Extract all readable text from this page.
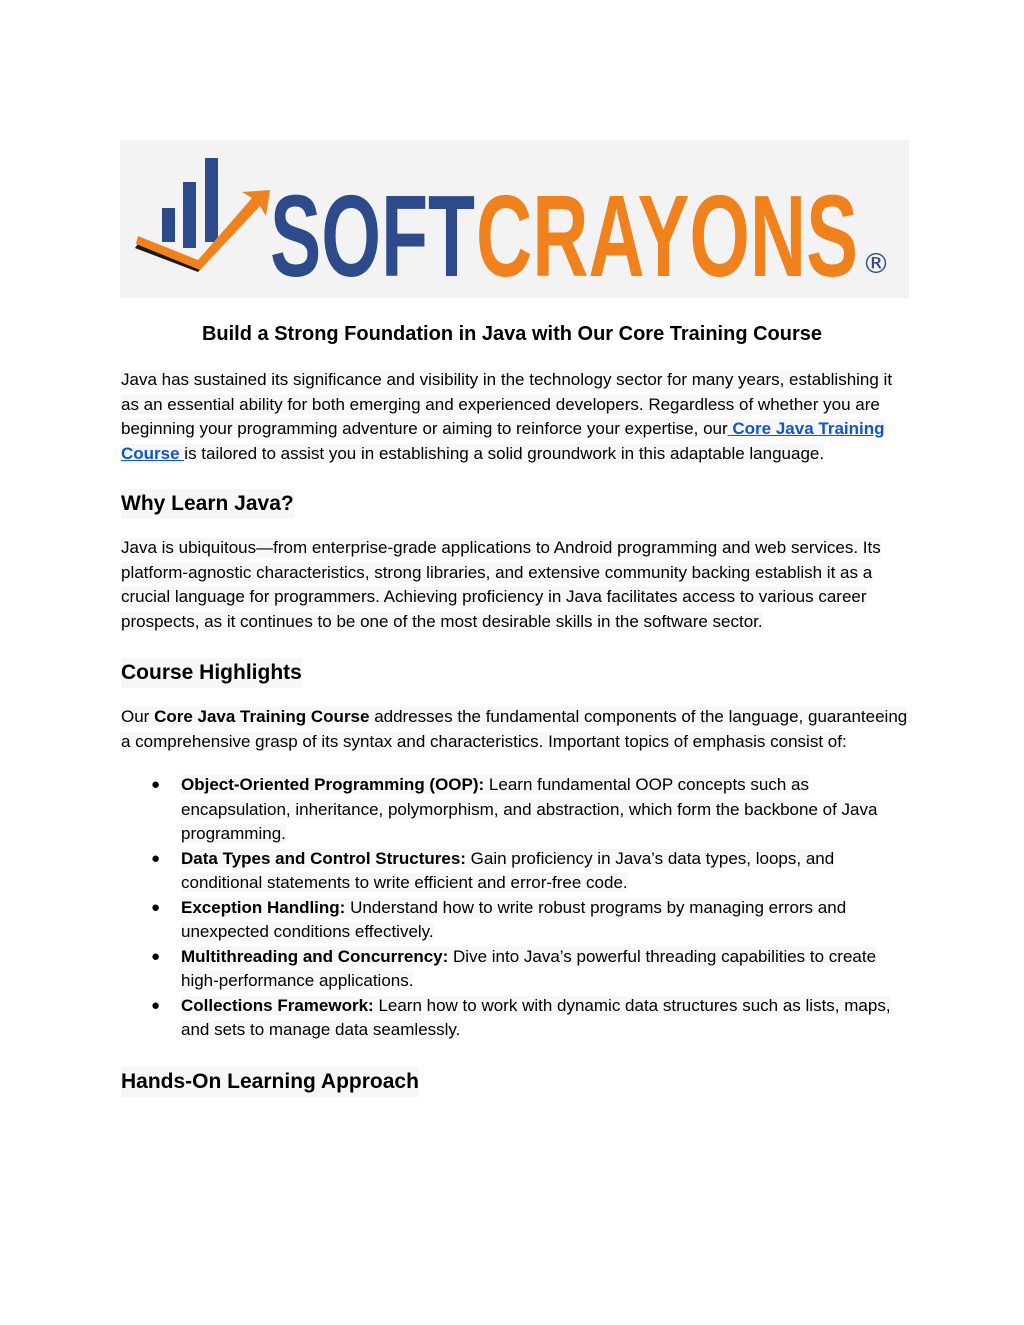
SOFT CRAYONS ®
Build a Strong Foundation in Java with Our Core Training Course

Java has sustained its significance and visibility in the technology sector for many years, establishing it as an essential ability for both emerging and experienced developers. Regardless of whether you are beginning your programming adventure or aiming to reinforce your expertise, our Core Java Training Course is tailored to assist you in establishing a solid groundwork in this adaptable language.

Why Learn Java?

Java is ubiquitous—from enterprise-grade applications to Android programming and web services. Its platform-agnostic characteristics, strong libraries, and extensive community backing establish it as a crucial language for programmers. Achieving proficiency in Java facilitates access to various career prospects, as it continues to be one of the most desirable skills in the software sector.

Course Highlights

Our Core Java Training Course addresses the fundamental components of the language, guaranteeing a comprehensive grasp of its syntax and characteristics. Important topics of emphasis consist of:

● Object-Oriented Programming (OOP): Learn fundamental OOP concepts such as encapsulation, inheritance, polymorphism, and abstraction, which form the backbone of Java programming.
● Data Types and Control Structures: Gain proficiency in Java’s data types, loops, and conditional statements to write efficient and error-free code.
● Exception Handling: Understand how to write robust programs by managing errors and unexpected conditions effectively.
● Multithreading and Concurrency: Dive into Java’s powerful threading capabilities to create high-performance applications.
● Collections Framework: Learn how to work with dynamic data structures such as lists, maps, and sets to manage data seamlessly.
Hands-On Learning Approach
